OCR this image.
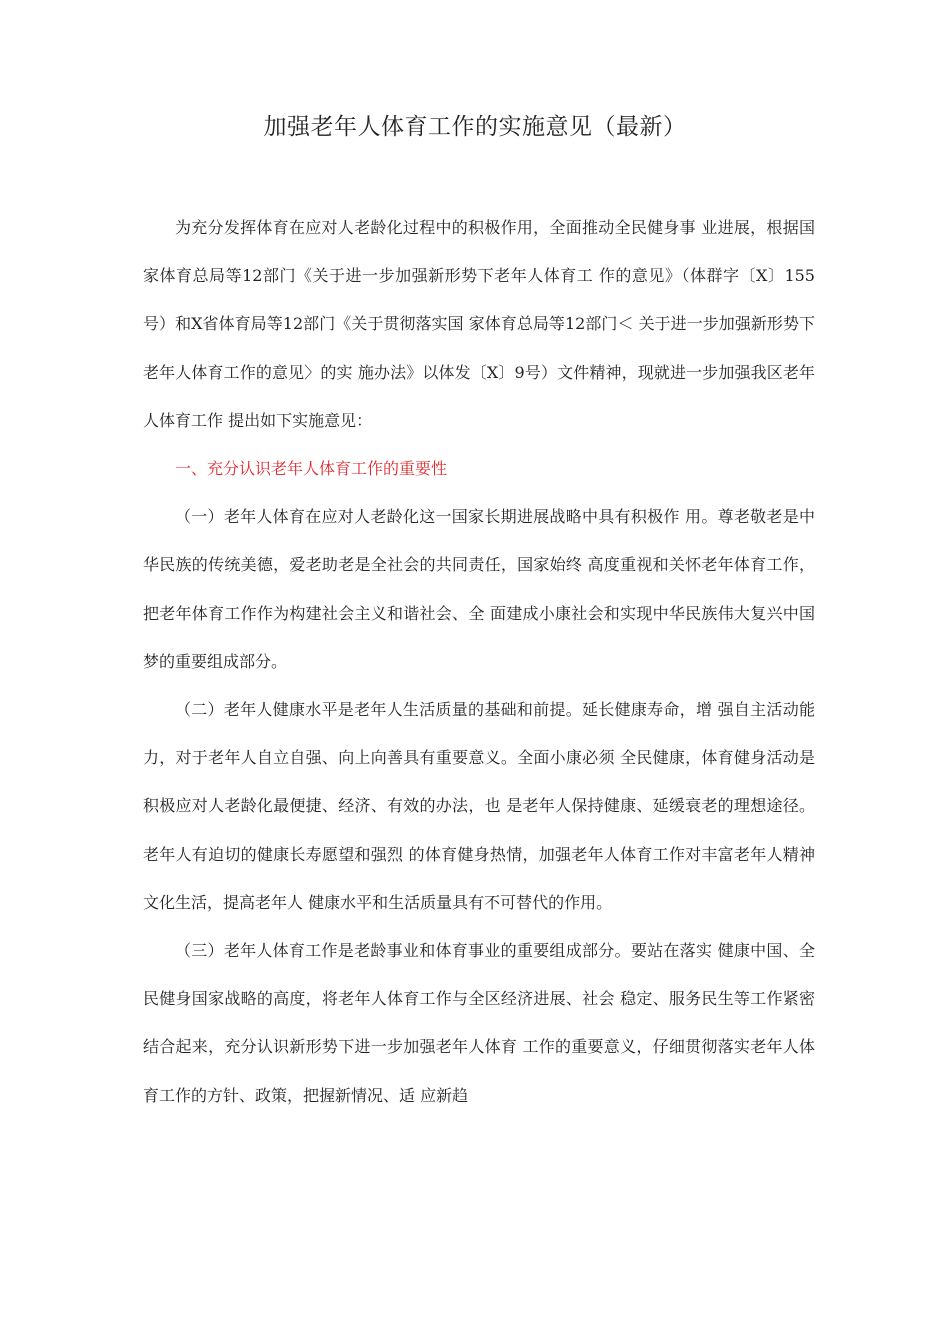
加强老年人体育工作的实施意见（最新）

为充分发挥体育在应对人老龄化过程中的积极作用，全面推动全民健身事 业进展，根据国家体育总局等12部门《关于进一步加强新形势下老年人体育工 作的意见》（体群字〔X〕155号）和X省体育局等12部门《关于贯彻落实国 家体育总局等12部门＜ 关于进一步加强新形势下老年人体育工作的意见〉的实 施办法》以体发〔X〕9号）文件精神，现就进一步加强我区老年人体育工作 提出如下实施意见：

一、充分认识老年人体育工作的重要性

（一）老年人体育在应对人老龄化这一国家长期进展战略中具有积极作 用。尊老敬老是中华民族的传统美德，爱老助老是全社会的共同责任，国家始终 高度重视和关怀老年体育工作，把老年体育工作作为构建社会主义和谐社会、全 面建成小康社会和实现中华民族伟大复兴中国梦的重要组成部分。

（二）老年人健康水平是老年人生活质量的基础和前提。延长健康寿命，增 强自主活动能力，对于老年人自立自强、向上向善具有重要意义。全面小康必须 全民健康，体育健身活动是积极应对人老龄化最便捷、经济、有效的办法，也 是老年人保持健康、延缓衰老的理想途径。老年人有迫切的健康长寿愿望和强烈 的体育健身热情，加强老年人体育工作对丰富老年人精神文化生活，提高老年人 健康水平和生活质量具有不可替代的作用。

（三）老年人体育工作是老龄事业和体育事业的重要组成部分。要站在落实 健康中国、全民健身国家战略的高度，将老年人体育工作与全区经济进展、社会 稳定、服务民生等工作紧密结合起来，充分认识新形势下进一步加强老年人体育 工作的重要意义，仔细贯彻落实老年人体育工作的方针、政策，把握新情况、适 应新趋
